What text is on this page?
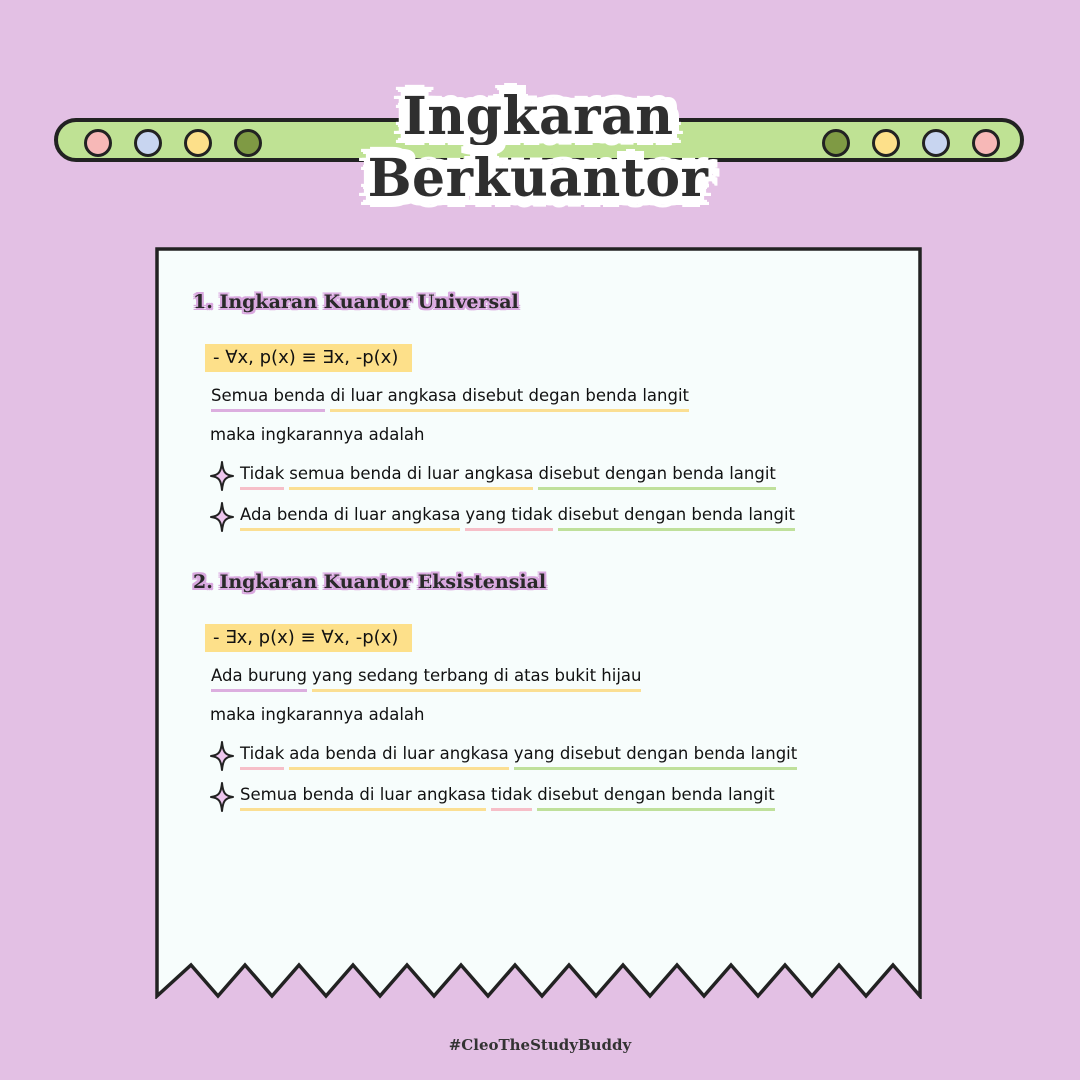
Ingkaran
Berkuantor
1. Ingkaran Kuantor Universal
- ∀x, p(x) ≡ ∃x, -p(x)
Semua benda di luar angkasa disebut degan benda langit
maka ingkarannya adalah
Tidak semua benda di luar angkasa disebut dengan benda langit
Ada benda di luar angkasa yang tidak disebut dengan benda langit
2. Ingkaran Kuantor Eksistensial
- ∃x, p(x) ≡ ∀x, -p(x)
Ada burung yang sedang terbang di atas bukit hijau
maka ingkarannya adalah
Tidak ada benda di luar angkasa yang disebut dengan benda langit
Semua benda di luar angkasa tidak disebut dengan benda langit
#CleoTheStudyBuddy
